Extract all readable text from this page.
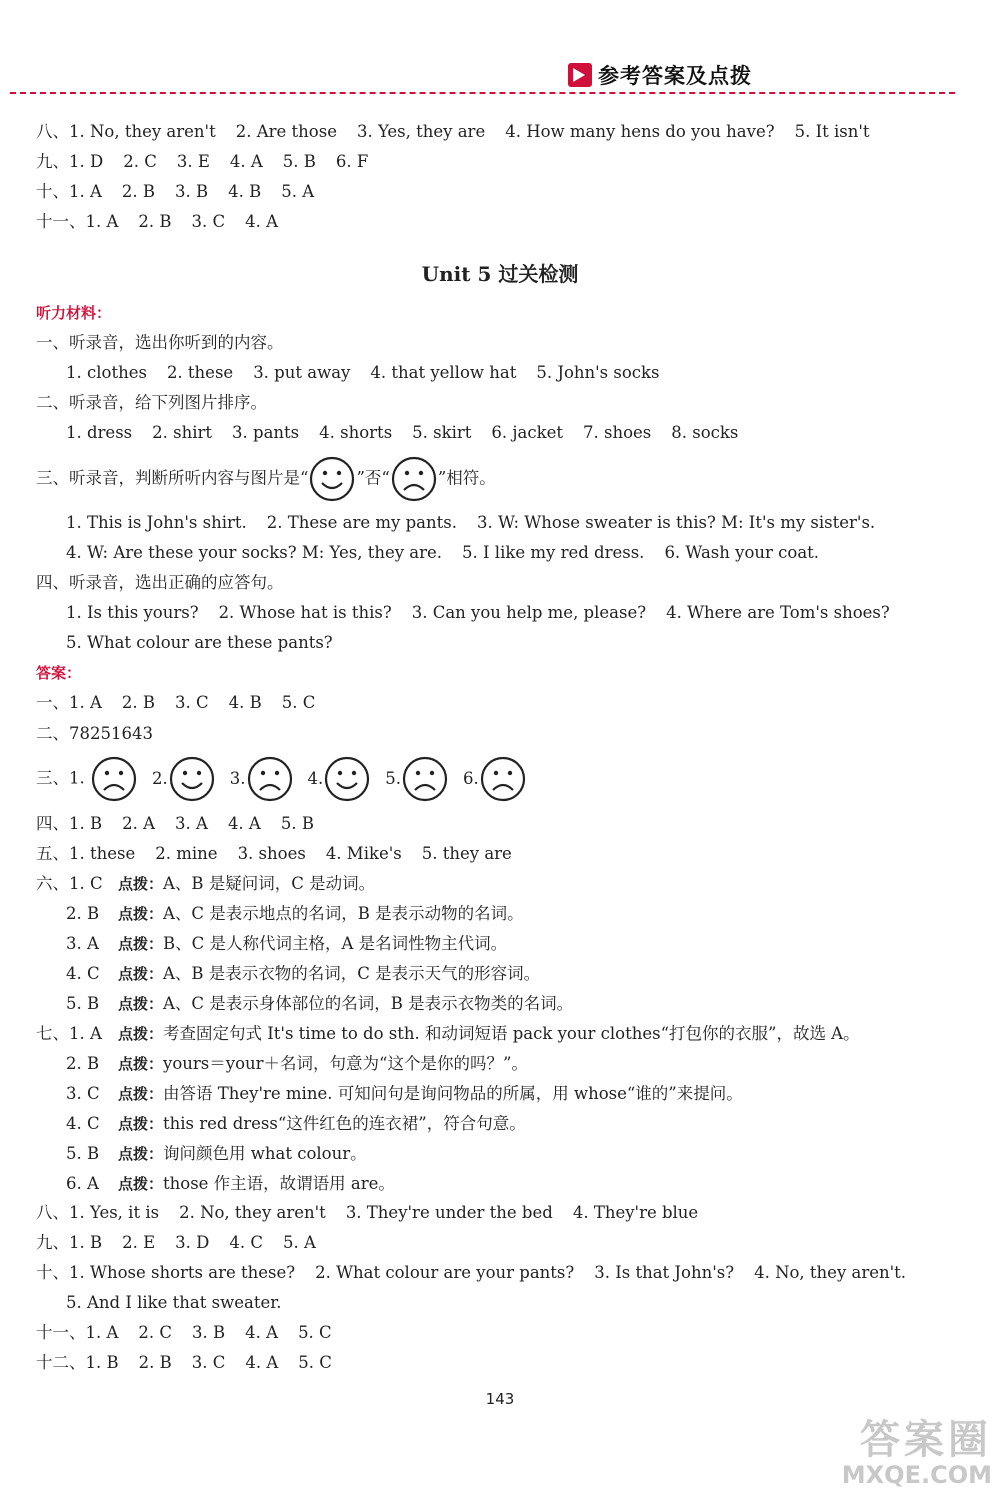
参考答案及点拨
八、1. No, they aren't 2. Are those 3. Yes, they are 4. How many hens do you have? 5. It isn't
九、1. D 2. C 3. E 4. A 5. B 6. F
十、1. A 2. B 3. B 4. B 5. A
十一、1. A 2. B 3. C 4. A
Unit 5 过关检测
听力材料：
一、听录音，选出你听到的内容。
1. clothes 2. these 3. put away 4. that yellow hat 5. John's socks
二、听录音，给下列图片排序。
1. dress 2. shirt 3. pants 4. shorts 5. skirt 6. jacket 7. shoes 8. socks
三、听录音，判断所听内容与图片是“	”否“	”相符。
1. This is John's shirt. 2. These are my pants. 3. W: Whose sweater is this? M: It's my sister's.
4. W: Are these your socks? M: Yes, they are. 5. I like my red dress. 6. Wash your coat.
四、听录音，选出正确的应答句。
1. Is this yours? 2. Whose hat is this? 3. Can you help me, please? 4. Where are Tom's shoes?
5. What colour are these pants?
答案：
一、1. A 2. B 3. C 4. B 5. C
二、78251643
三、1.	2.	3.	4.	5.	6.
四、1. B 2. A 3. A 4. A 5. B
五、1. these 2. mine 3. shoes 4. Mike's 5. they are
六、1. C 点拨：A、B 是疑问词，C 是动词。
2. B 点拨：A、C 是表示地点的名词，B 是表示动物的名词。
3. A 点拨：B、C 是人称代词主格，A 是名词性物主代词。
4. C 点拨：A、B 是表示衣物的名词，C 是表示天气的形容词。
5. B 点拨：A、C 是表示身体部位的名词，B 是表示衣物类的名词。
七、1. A 点拨：考查固定句式 It's time to do sth. 和动词短语 pack your clothes“打包你的衣服”，故选 A。
2. B 点拨：yours＝your＋名词，句意为“这个是你的吗？”。
3. C 点拨：由答语 They're mine. 可知问句是询问物品的所属，用 whose“谁的”来提问。
4. C 点拨：this red dress“这件红色的连衣裙”，符合句意。
5. B 点拨：询问颜色用 what colour。
6. A 点拨：those 作主语，故谓语用 are。
八、1. Yes, it is 2. No, they aren't 3. They're under the bed 4. They're blue
九、1. B 2. E 3. D 4. C 5. A
十、1. Whose shorts are these? 2. What colour are your pants? 3. Is that John's? 4. No, they aren't.
5. And I like that sweater.
十一、1. A 2. C 3. B 4. A 5. C
十二、1. B 2. B 3. C 4. A 5. C
143
答案圈
MXQE.COM
